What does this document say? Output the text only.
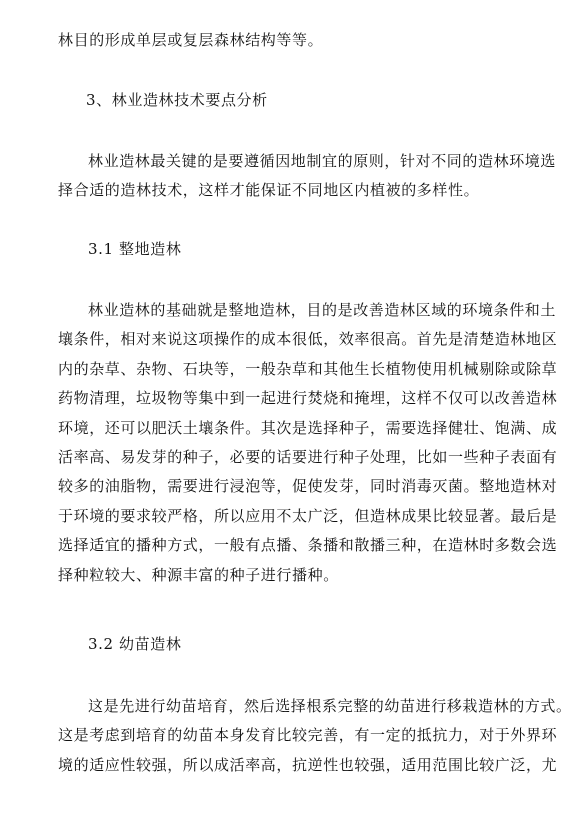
林目的形成单层或复层森林结构等等。
3、林业造林技术要点分析
林业造林最关键的是要遵循因地制宜的原则，针对不同的造林环境选
择合适的造林技术，这样才能保证不同地区内植被的多样性。
3.1 整地造林
林业造林的基础就是整地造林，目的是改善造林区域的环境条件和土
壤条件，相对来说这项操作的成本很低，效率很高。首先是清楚造林地区
内的杂草、杂物、石块等，一般杂草和其他生长植物使用机械剔除或除草
药物清理，垃圾物等集中到一起进行焚烧和掩埋，这样不仅可以改善造林
环境，还可以肥沃土壤条件。其次是选择种子，需要选择健壮、饱满、成
活率高、易发芽的种子，必要的话要进行种子处理，比如一些种子表面有
较多的油脂物，需要进行浸泡等，促使发芽，同时消毒灭菌。整地造林对
于环境的要求较严格，所以应用不太广泛，但造林成果比较显著。最后是
选择适宜的播种方式，一般有点播、条播和散播三种，在造林时多数会选
择种粒较大、种源丰富的种子进行播种。
3.2 幼苗造林
这是先进行幼苗培育，然后选择根系完整的幼苗进行移栽造林的方式。
这是考虑到培育的幼苗本身发育比较完善，有一定的抵抗力，对于外界环
境的适应性较强，所以成活率高，抗逆性也较强，适用范围比较广泛，尤
